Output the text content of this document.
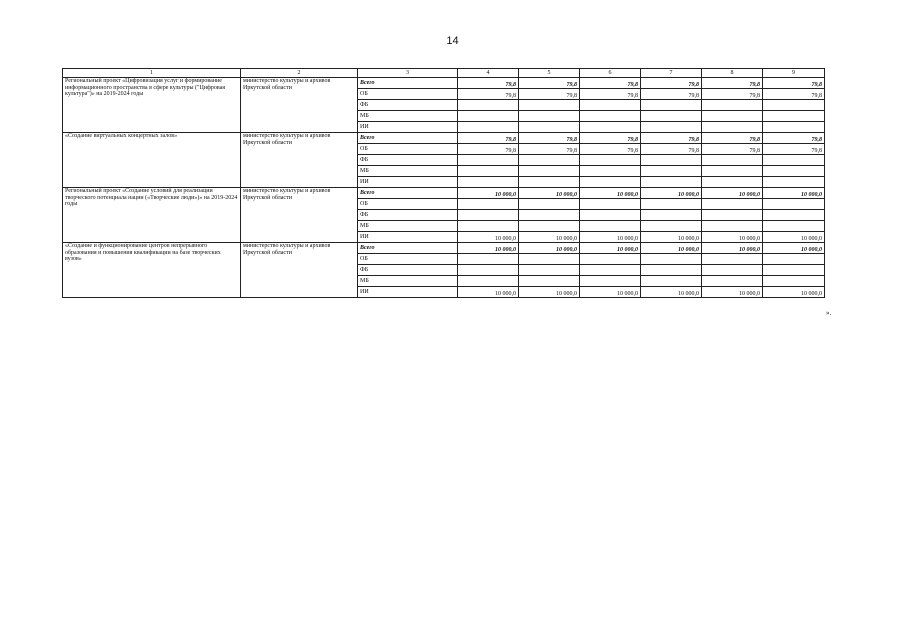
14
1	2	3	4	5	6	7	8	9
Региональный проект «Цифровизация услуг и формирование информационного пространства в сфере культуры ("Цифровая культура")» на 2019-2024 годы	министерство культуры и архивов Иркутской области	Всего	79,8	79,8	79,8	79,8	79,8	79,8
		ОБ	79,8	79,8	79,8	79,8	79,8	79,8
		ФБ						
		МБ						
		ИИ						
«Создание виртуальных концертных залов»	министерство культуры и архивов Иркутской области	Всего	79,8	79,8	79,8	79,8	79,8	79,8
		ОБ	79,8	79,8	79,8	79,8	79,8	79,8
		ФБ						
		МБ						
		ИИ						
Региональный проект «Создание условий для реализации творческого потенциала нации («Творческие люди»)» на 2019-2024 годы	министерство культуры и архивов Иркутской области	Всего	10 000,0	10 000,0	10 000,0	10 000,0	10 000,0	10 000,0
		ОБ						
		ФБ						
		МБ						
		ИИ	10 000,0	10 000,0	10 000,0	10 000,0	10 000,0	10 000,0
«Создание и функционирование центров непрерывного образования и повышения квалификации на базе творческих вузов»	министерство культуры и архивов Иркутской области	Всего	10 000,0	10 000,0	10 000,0	10 000,0	10 000,0	10 000,0
		ОБ						
		ФБ						
		МБ						
		ИИ	10 000,0	10 000,0	10 000,0	10 000,0	10 000,0	10 000,0
».
